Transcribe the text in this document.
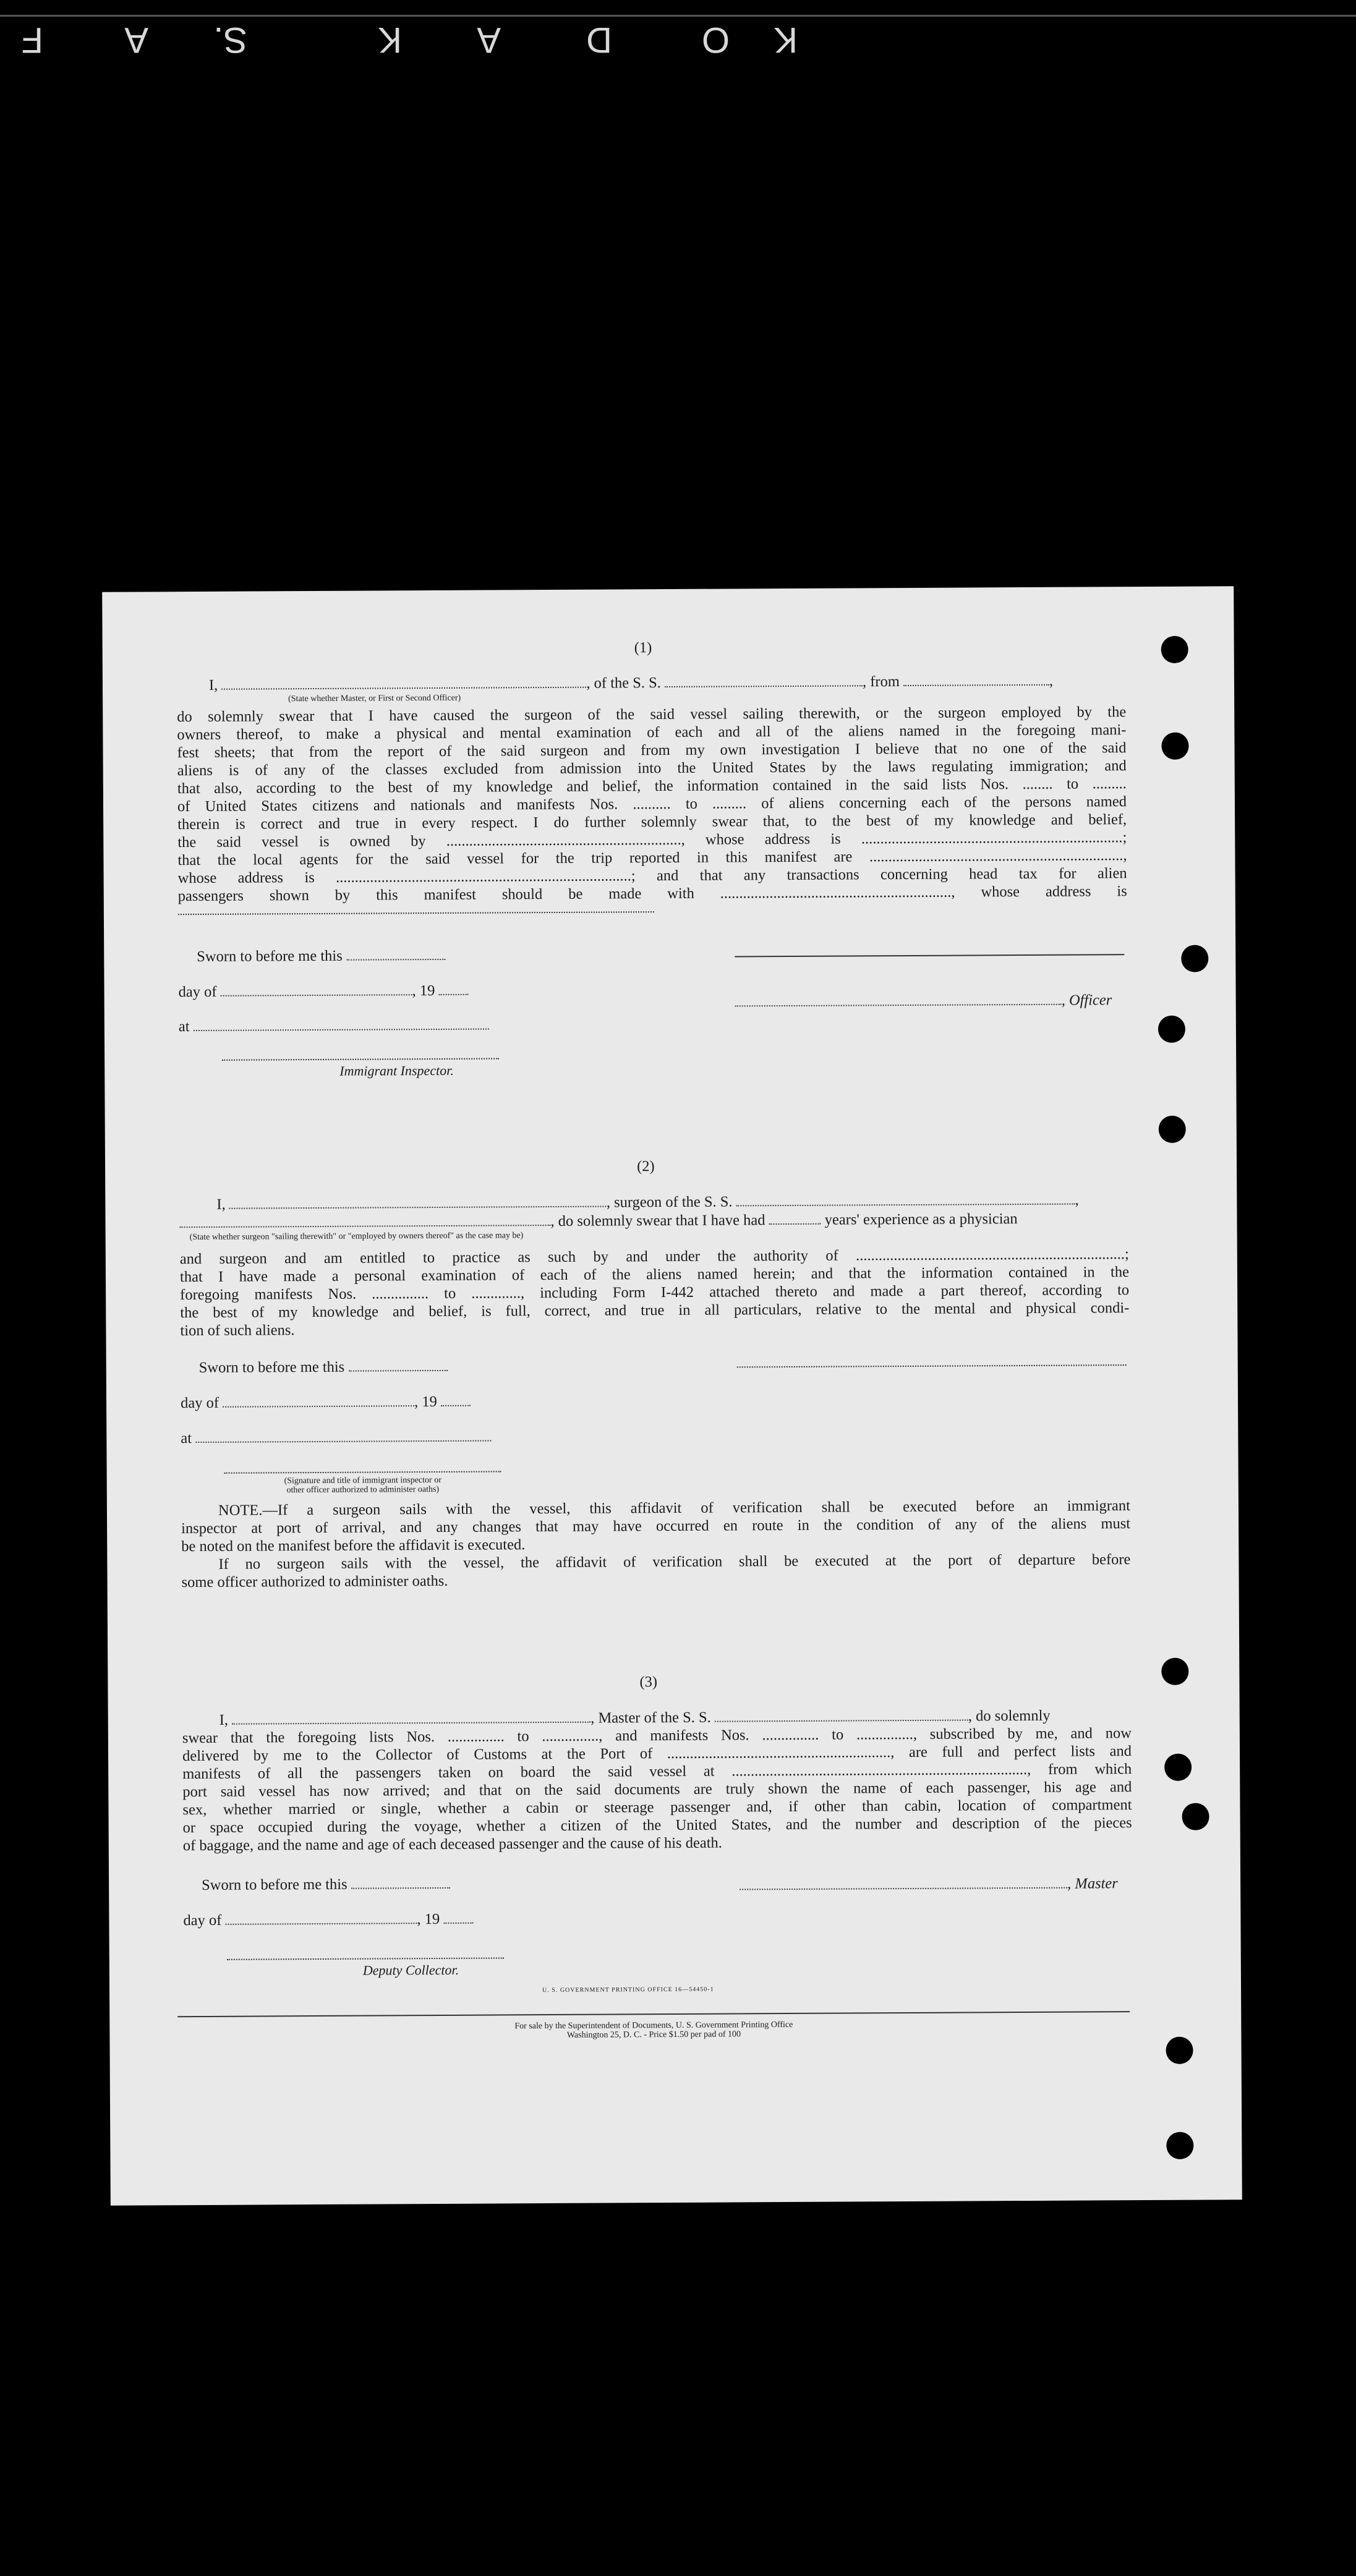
K
O
D
A
K
S.
A
F
(1)
I,	, of the S. S.	, from	,
(State whether Master, or First or Second Officer)
do solemnly swear that I have caused the surgeon of the said vessel sailing therewith, or the surgeon employed by the
owners thereof, to make a physical and mental examination of each and all of the aliens named in the foregoing mani-
fest sheets; that from the report of the said surgeon and from my own investigation I believe that no one of the said
aliens is of any of the classes excluded from admission into the United States by the laws regulating immigration; and
that also, according to the best of my knowledge and belief, the information contained in the said lists Nos. ........ to .........
of United States citizens and nationals and manifests Nos. .......... to ......... of aliens concerning each of the persons named
therein is correct and true in every respect. I do further solemnly swear that, to the best of my knowledge and belief,
the said vessel is owned by .............................................................., whose address is .....................................................................;
that the local agents for the said vessel for the trip reported in this manifest are ...................................................................,
whose address is ..............................................................................; and that any transactions concerning head tax for alien
passengers shown by this manifest should be made with ............................................................., whose address is
Sworn to before me this
day of	, 19
, Officer
at
Immigrant Inspector.
(2)
I,	, surgeon of the S. S.	,
, do solemnly swear that I have had	years' experience as a physician
(State whether surgeon "sailing therewith" or "employed by owners thereof" as the case may be)
and surgeon and am entitled to practice as such by and under the authority of .......................................................................;
that I have made a personal examination of each of the aliens named herein; and that the information contained in the
foregoing manifests Nos. ............... to ............., including Form I-442 attached thereto and made a part thereof, according to
the best of my knowledge and belief, is full, correct, and true in all particulars, relative to the mental and physical condi-
tion of such aliens.
Sworn to before me this
day of	, 19
at
(Signature and title of immigrant inspector or
other officer authorized to administer oaths)
NOTE.—If a surgeon sails with the vessel, this affidavit of verification shall be executed before an immigrant
inspector at port of arrival, and any changes that may have occurred en route in the condition of any of the aliens must
be noted on the manifest before the affidavit is executed.
If no surgeon sails with the vessel, the affidavit of verification shall be executed at the port of departure before
some officer authorized to administer oaths.
(3)
I,	, Master of the S. S.	, do solemnly
swear that the foregoing lists Nos. ............... to ..............., and manifests Nos. ............... to ..............., subscribed by me, and now
delivered by me to the Collector of Customs at the Port of ..........................................................., are full and perfect lists and
manifests of all the passengers taken on board the said vessel at .............................................................................., from which
port said vessel has now arrived; and that on the said documents are truly shown the name of each passenger, his age and
sex, whether married or single, whether a cabin or steerage passenger and, if other than cabin, location of compartment
or space occupied during the voyage, whether a citizen of the United States, and the number and description of the pieces
of baggage, and the name and age of each deceased passenger and the cause of his death.
Sworn to before me this	, Master
day of	, 19
Deputy Collector.
U. S. GOVERNMENT PRINTING OFFICE 16—54450-1
For sale by the Superintendent of Documents, U. S. Government Printing Office
Washington 25, D. C. - Price $1.50 per pad of 100
